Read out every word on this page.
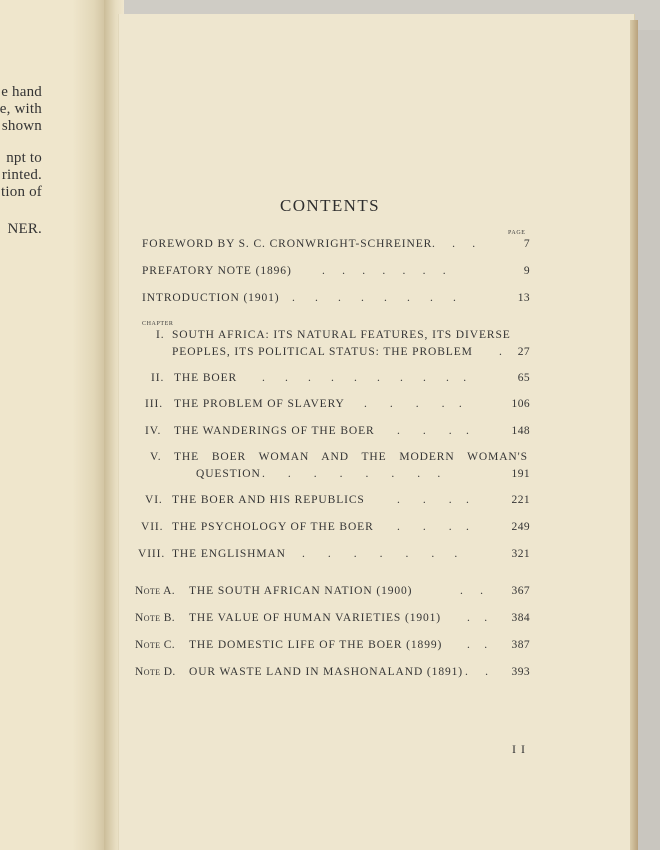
e hand
e, with
shown
npt to
rinted.
tion of
NER.
CONTENTS
PAGE
FOREWORD BY S. C. CRONWRIGHT-SCHREINER .      .      .	7
PREFATORY NOTE (1896)	.      .      .      .      .      .      .	9
INTRODUCTION (1901) .       .       .       .       .       .       .       .	13
CHAPTER
I. SOUTH AFRICA: ITS NATURAL FEATURES, ITS DIVERSE
PEOPLES, ITS POLITICAL STATUS: THE PROBLEM .	27
II. THE BOER .       .       .       .       .       .       .       .       .     .	65
III. THE PROBLEM OF SLAVERY .        .        .        .     .	106
IV. THE WANDERINGS OF THE BOER .        .        .     .	148
V. THE BOER WOMAN AND THE MODERN WOMAN'S
QUESTION .        .        .        .        .        .        .      .	191
VI. THE BOER AND HIS REPUBLICS	.        .        .     .	221
VII. THE PSYCHOLOGY OF THE BOER .        .        .     .	249
VIII. THE ENGLISHMAN .        .        .        .        .        .       .	321
Note A. THE SOUTH AFRICAN NATION (1900)	.      .	367
Note B. THE VALUE OF HUMAN VARIETIES (1901) .     .	384
Note C. THE DOMESTIC LIFE OF THE BOER (1899) .     .	387
Note D. OUR WASTE LAND IN MASHONALAND (1891) .      .	393
I I
